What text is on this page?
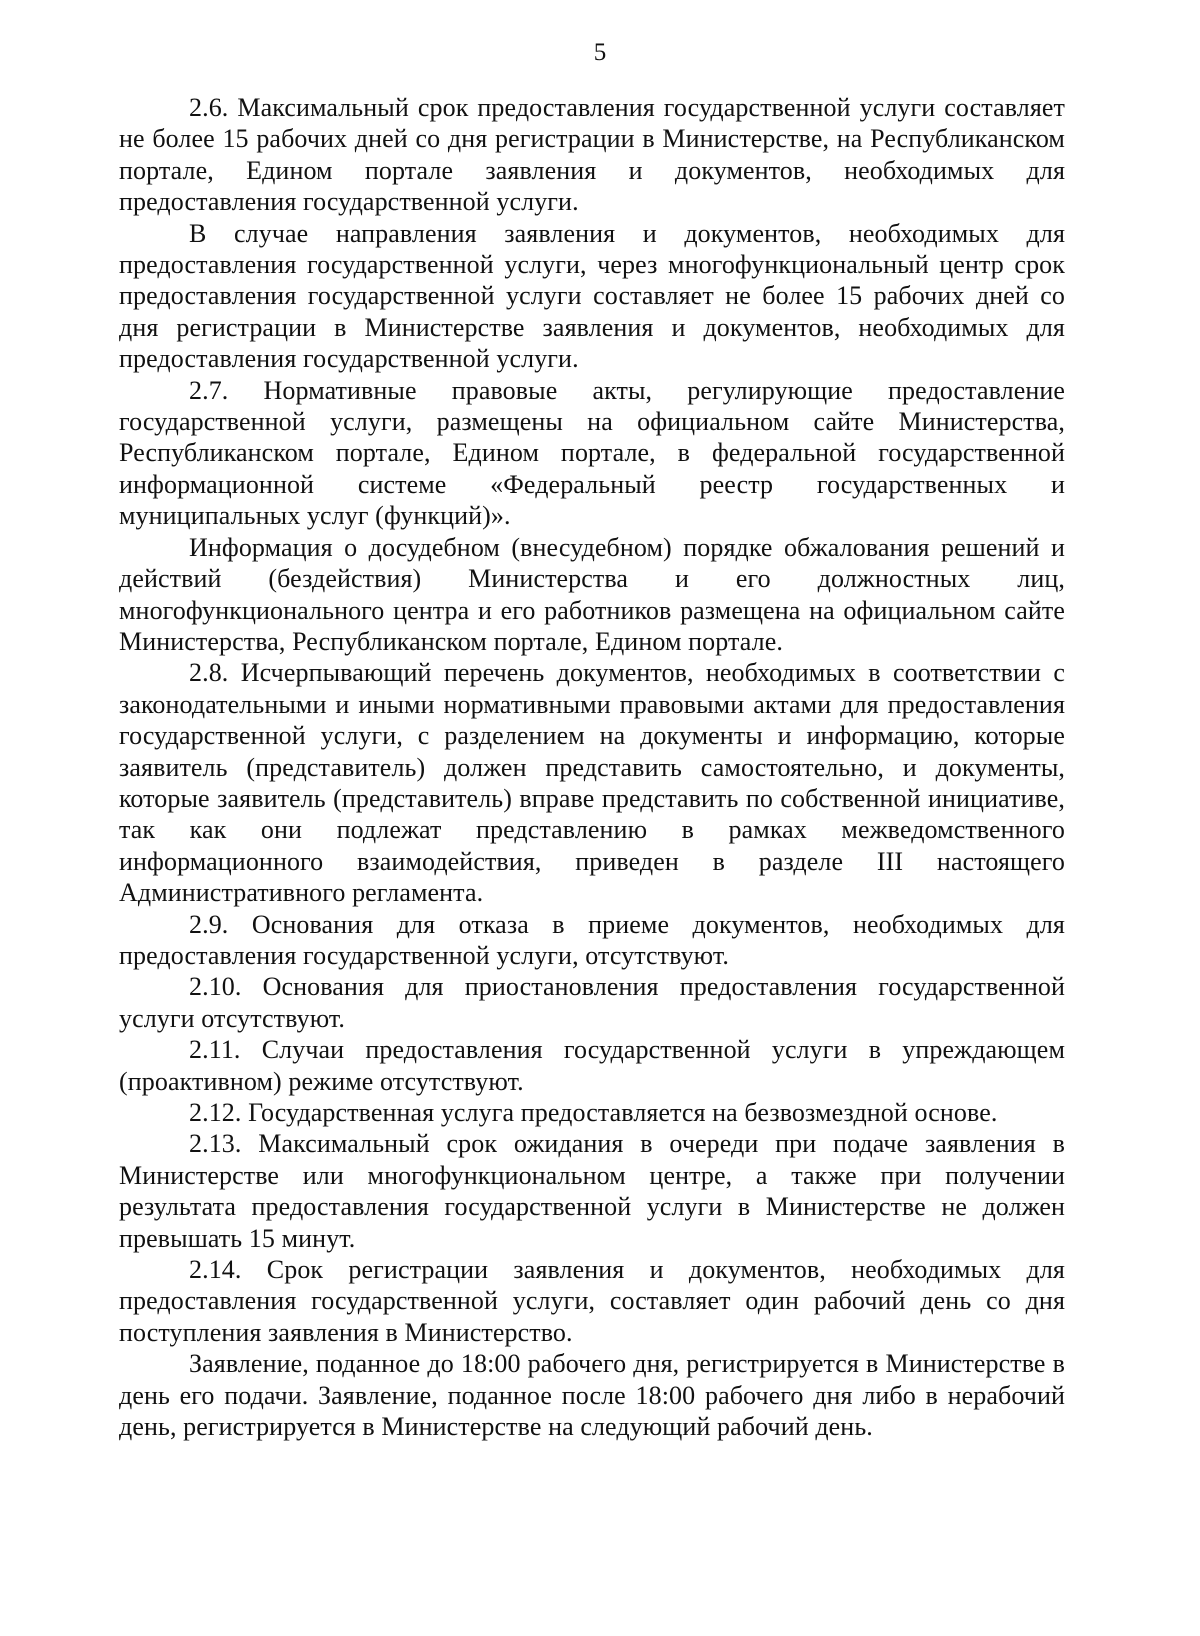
5

2.6. Максимальный срок предоставления государственной услуги составляет не более 15 рабочих дней со дня регистрации в Министерстве, на Республиканском портале, Едином портале заявления и документов, необходимых для предоставления государственной услуги.

В случае направления заявления и документов, необходимых для предоставления государственной услуги, через многофункциональный центр срок предоставления государственной услуги составляет не более 15 рабочих дней со дня регистрации в Министерстве заявления и документов, необходимых для предоставления государственной услуги.

2.7. Нормативные правовые акты, регулирующие предоставление государственной услуги, размещены на официальном сайте Министерства, Республиканском портале, Едином портале, в федеральной государственной информационной системе «Федеральный реестр государственных и муниципальных услуг (функций)».

Информация о досудебном (внесудебном) порядке обжалования решений и действий (бездействия) Министерства и его должностных лиц, многофункционального центра и его работников размещена на официальном сайте Министерства, Республиканском портале, Едином портале.

2.8. Исчерпывающий перечень документов, необходимых в соответствии с законодательными и иными нормативными правовыми актами для предоставления государственной услуги, с разделением на документы и информацию, которые заявитель (представитель) должен представить самостоятельно, и документы, которые заявитель (представитель) вправе представить по собственной инициативе, так как они подлежат представлению в рамках межведомственного информационного взаимодействия, приведен в разделе III настоящего Административного регламента.

2.9. Основания для отказа в приеме документов, необходимых для предоставления государственной услуги, отсутствуют.

2.10. Основания для приостановления предоставления государственной услуги отсутствуют.

2.11. Случаи предоставления государственной услуги в упреждающем (проактивном) режиме отсутствуют.

2.12. Государственная услуга предоставляется на безвозмездной основе.

2.13. Максимальный срок ожидания в очереди при подаче заявления в Министерстве или многофункциональном центре, а также при получении результата предоставления государственной услуги в Министерстве не должен превышать 15 минут.

2.14. Срок регистрации заявления и документов, необходимых для предоставления государственной услуги, составляет один рабочий день со дня поступления заявления в Министерство.

Заявление, поданное до 18:00 рабочего дня, регистрируется в Министерстве в день его подачи. Заявление, поданное после 18:00 рабочего дня либо в нерабочий день, регистрируется в Министерстве на следующий рабочий день.
